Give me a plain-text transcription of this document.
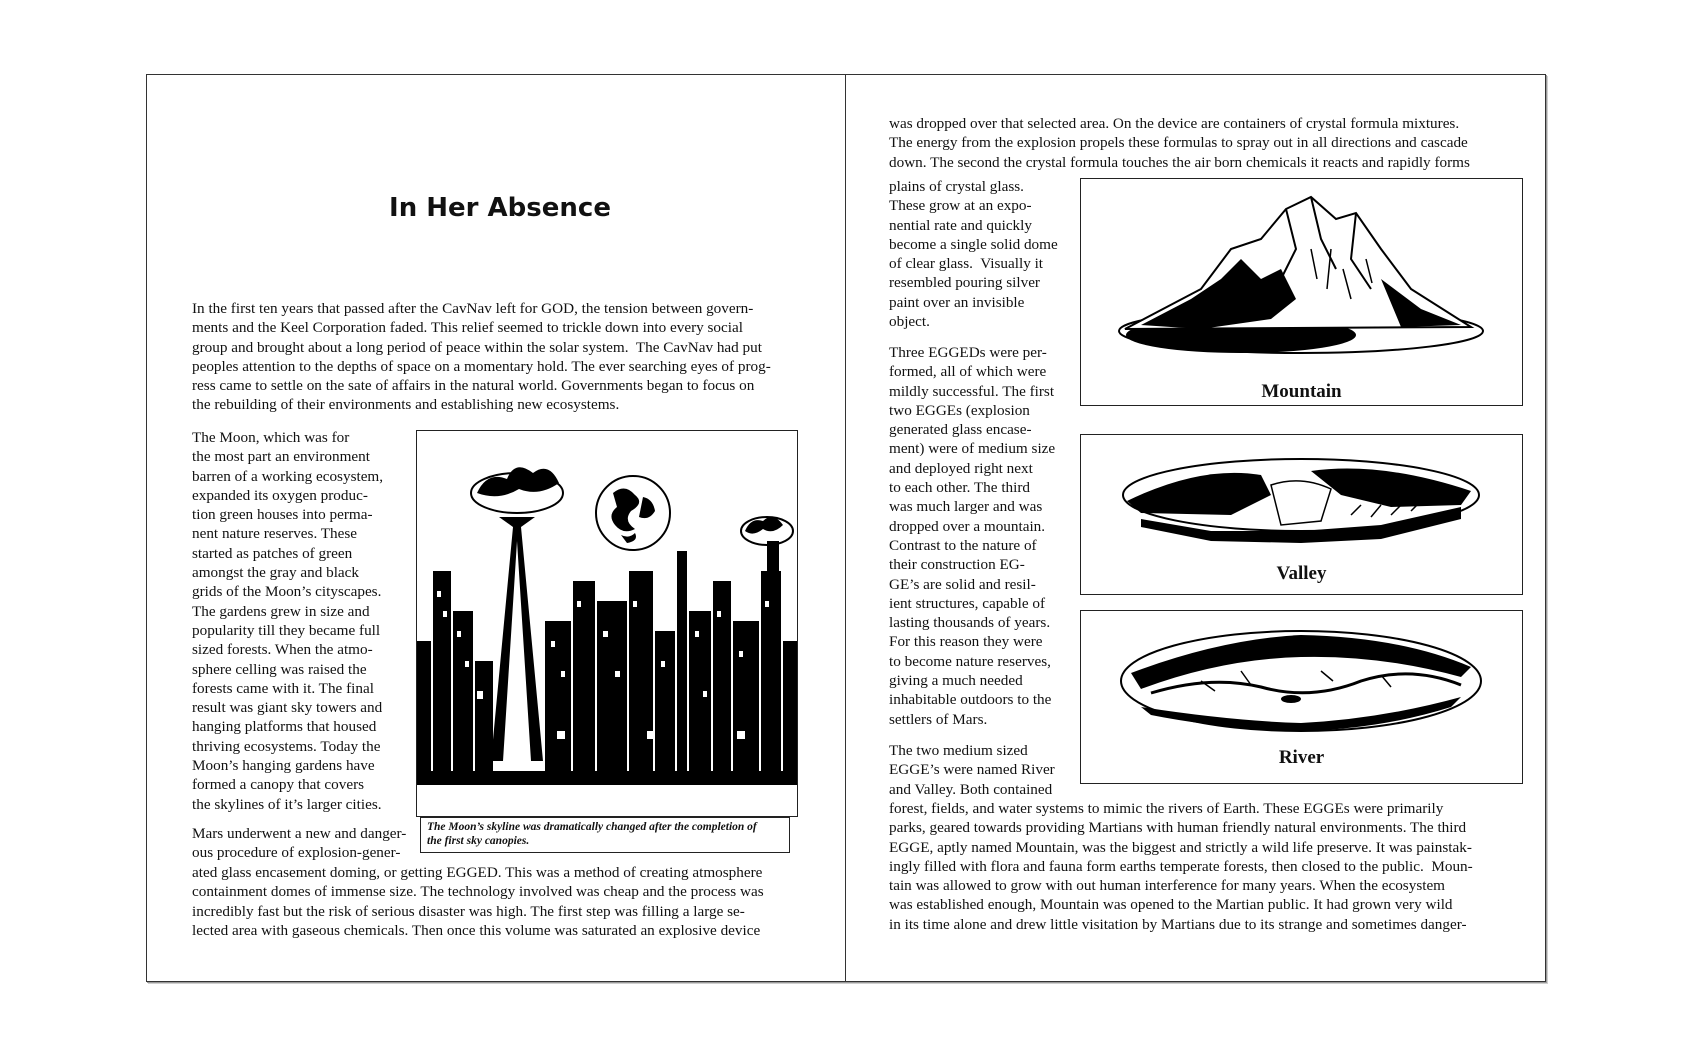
In Her Absence

In the first ten years that passed after the CavNav left for GOD, the tension between govern-
ments and the Keel Corporation faded. This relief seemed to trickle down into every social
group and brought about a long period of peace within the solar system.  The CavNav had put
peoples attention to the depths of space on a momentary hold. The ever searching eyes of prog-
ress came to settle on the sate of affairs in the natural world. Governments began to focus on
the rebuilding of their environments and establishing new ecosystems.

The Moon, which was for
the most part an environment
barren of a working ecosystem,
expanded its oxygen produc-
tion green houses into perma-
nent nature reserves. These
started as patches of green
amongst the gray and black
grids of the Moon’s cityscapes.
The gardens grew in size and
popularity till they became full
sized forests. When the atmo-
sphere celling was raised the
forests came with it. The final
result was giant sky towers and
hanging platforms that housed
thriving ecosystems. Today the
Moon’s hanging gardens have
formed a canopy that covers
the skylines of it’s larger cities.

The Moon’s skyline was dramatically changed after the completion of
the first sky canopies.

Mars underwent a new and danger-
ous procedure of explosion-gener-

ated glass encasement doming, or getting EGGED. This was a method of creating atmosphere
containment domes of immense size. The technology involved was cheap and the process was
incredibly fast but the risk of serious disaster was high. The first step was filling a large se-
lected area with gaseous chemicals. Then once this volume was saturated an explosive device

was dropped over that selected area. On the device are containers of crystal formula mixtures.
The energy from the explosion propels these formulas to spray out in all directions and cascade
down. The second the crystal formula touches the air born chemicals it reacts and rapidly forms

plains of crystal glass.
These grow at an expo-
nential rate and quickly
become a single solid dome
of clear glass.  Visually it
resembled pouring silver
paint over an invisible
object.

Three EGGEDs were per-
formed, all of which were
mildly successful. The first
two EGGEs (explosion
generated glass encase-
ment) were of medium size
and deployed right next
to each other. The third
was much larger and was
dropped over a mountain.
Contrast to the nature of
their construction EG-
GE’s are solid and resil-
ient structures, capable of
lasting thousands of years.
For this reason they were
to become nature reserves,
giving a much needed
inhabitable outdoors to the
settlers of Mars.

The two medium sized
EGGE’s were named River
and Valley. Both contained

forest, fields, and water systems to mimic the rivers of Earth. These EGGEs were primarily
parks, geared towards providing Martians with human friendly natural environments. The third
EGGE, aptly named Mountain, was the biggest and strictly a wild life preserve. It was painstak-
ingly filled with flora and fauna form earths temperate forests, then closed to the public.  Moun-
tain was allowed to grow with out human interference for many years. When the ecosystem
was established enough, Mountain was opened to the Martian public. It had grown very wild
in its time alone and drew little visitation by Martians due to its strange and sometimes danger-

Mountain
Valley
River
